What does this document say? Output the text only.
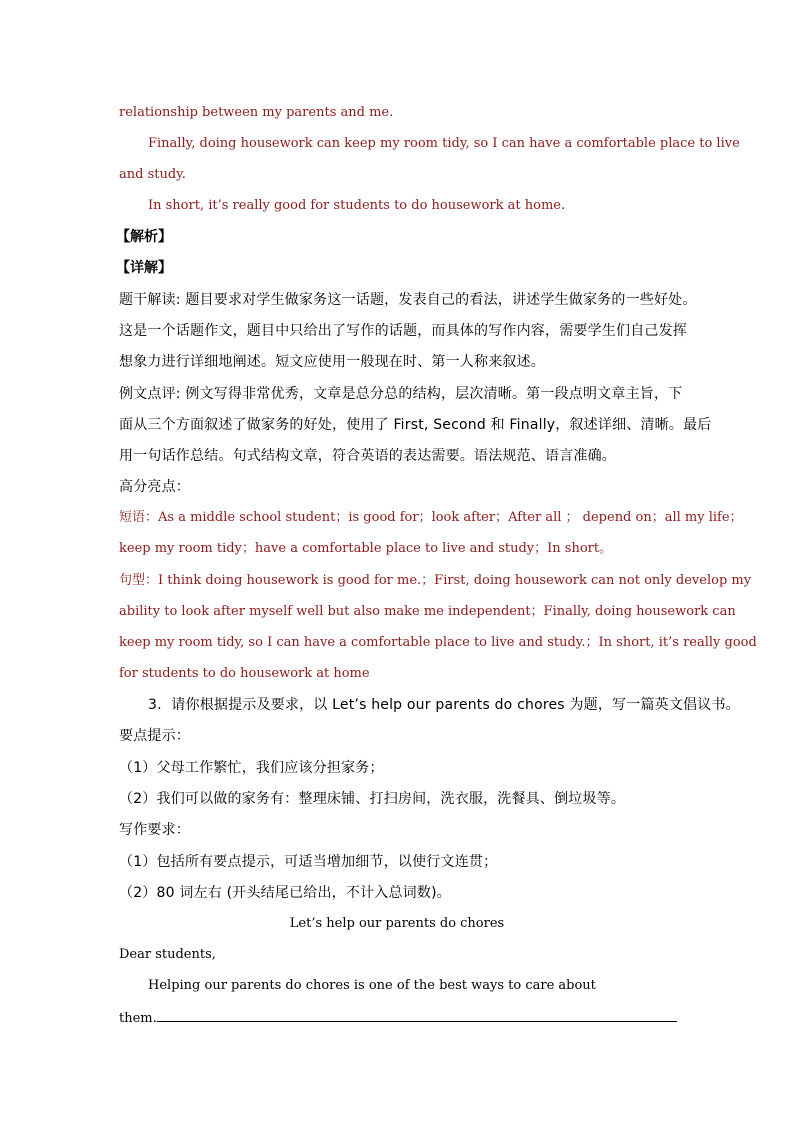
relationship between my parents and me.
Finally, doing housework can keep my room tidy, so I can have a comfortable place to live
and study.
In short, it’s really good for students to do housework at home.
【解析】
【详解】
题干解读: 题目要求对学生做家务这一话题，发表自己的看法，讲述学生做家务的一些好处。
这是一个话题作文，题目中只给出了写作的话题，而具体的写作内容，需要学生们自己发挥
想象力进行详细地阐述。短文应使用一般现在时、第一人称来叙述。
例文点评: 例文写得非常优秀，文章是总分总的结构，层次清晰。第一段点明文章主旨，下
面从三个方面叙述了做家务的好处，使用了 First, Second 和 Finally，叙述详细、清晰。最后
用一句话作总结。句式结构文章，符合英语的表达需要。语法规范、语言准确。
高分亮点：
短语：As a middle school student；is good for；look after；After all ； depend on；all my life；
keep my room tidy；have a comfortable place to live and study；In short。
句型：I think doing housework is good for me.；First, doing housework can not only develop my
ability to look after myself well but also make me independent；Finally, doing housework can
keep my room tidy, so I can have a comfortable place to live and study.；In short, it’s really good
for students to do housework at home
3．请你根据提示及要求，以 Let’s help our parents do chores 为题，写一篇英文倡议书。
要点提示：
（1）父母工作繁忙，我们应该分担家务；
（2）我们可以做的家务有：整理床铺、打扫房间，洗衣服，洗餐具、倒垃圾等。
写作要求：
（1）包括所有要点提示，可适当增加细节，以使行文连贯；
（2）80 词左右 (开头结尾已给出，不计入总词数)。
Let’s help our parents do chores
Dear students,
Helping our parents do chores is one of the best ways to care about
them.
